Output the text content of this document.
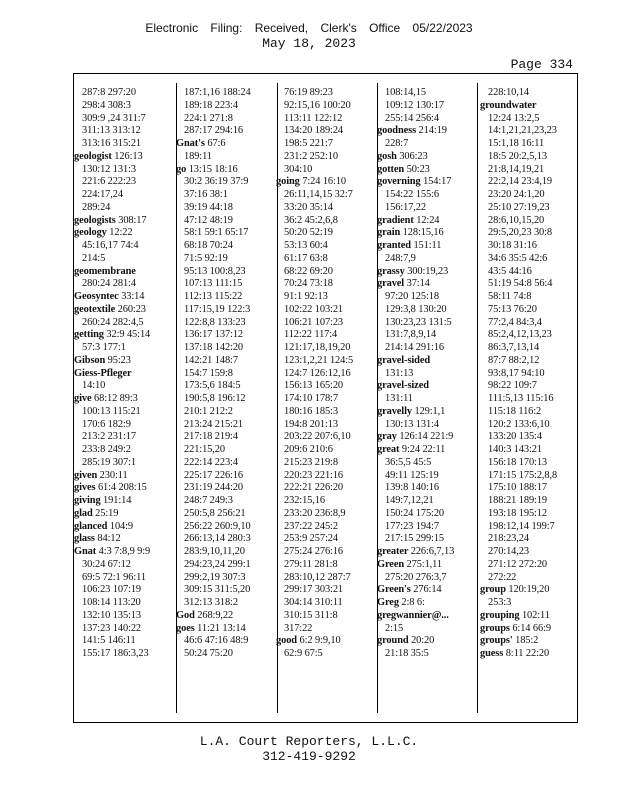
Electronic Filing: Received, Clerk's Office 05/22/2023
May 18, 2023
Page 334
287:8 297:20
298:4 308:3
309:9 ,24 311:7
311:13 313:12
313:16 315:21
geologist 126:13
130:12 131:3
221:6 222:23
224:17,24
289:24
geologists 308:17
geology 12:22
45:16,17 74:4
214:5
geomembrane
280:24 281:4
Geosyntec 33:14
geotextile 260:23
260:24 282:4,5
getting 32:9 45:14
57:3 177:1
Gibson 95:23
Giess-Pfleger
14:10
give 68:12 89:3
100:13 115:21
170:6 182:9
213:2 231:17
233:8 249:2
285:19 307:1
given 230:11
gives 61:4 208:15
giving 191:14
glad 25:19
glanced 104:9
glass 84:12
Gnat 4:3 7:8,9 9:9
30:24 67:12
69:5 72:1 96:11
106:23 107:19
108:14 113:20
132:10 135:13
137:23 140:22
141:5 146:11
155:17 186:3,23
187:1,16 188:24
189:18 223:4
224:1 271:8
287:17 294:16
Gnat's 67:6
189:11
go 13:15 18:16
30:2 36:19 37:9
37:16 38:1
39:19 44:18
47:12 48:19
58:1 59:1 65:17
68:18 70:24
71:5 92:19
95:13 100:8,23
107:13 111:15
112:13 115:22
117:15,19 122:3
122:8,8 133:23
136:17 137:12
137:18 142:20
142:21 148:7
154:7 159:8
173:5,6 184:5
190:5,8 196:12
210:1 212:2
213:24 215:21
217:18 219:4
221:15,20
222:14 223:4
225:17 226:16
231:19 244:20
248:7 249:3
250:5,8 256:21
256:22 260:9,10
266:13,14 280:3
283:9,10,11,20
294:23,24 299:1
299:2,19 307:3
309:15 311:5,20
312:13 318:2
God 268:9,22
goes 11:21 13:14
46:6 47:16 48:9
50:24 75:20
76:19 89:23
92:15,16 100:20
113:11 122:12
134:20 189:24
198:5 221:7
231:2 252:10
304:10
going 7:24 16:10
26:11,14,15 32:7
33:20 35:14
36:2 45:2,6,8
50:20 52:19
53:13 60:4
61:17 63:8
68:22 69:20
70:24 73:18
91:1 92:13
102:22 103:21
106:21 107:23
112:22 117:4
121:17,18,19,20
123:1,2,21 124:5
124:7 126:12,16
156:13 165:20
174:10 178:7
180:16 185:3
194:8 201:13
203:22 207:6,10
209:6 210:6
215:23 219:8
220:23 221:16
222:21 226:20
232:15,16
233:20 236:8,9
237:22 245:2
253:9 257:24
275:24 276:16
279:11 281:8
283:10,12 287:7
299:17 303:21
304:14 310:11
310:15 311:8
317:22
good 6:2 9:9,10
62:9 67:5
108:14,15
109:12 130:17
255:14 256:4
goodness 214:19
228:7
gosh 306:23
gotten 50:23
governing 154:17
154:22 155:6
156:17,22
gradient 12:24
grain 128:15,16
granted 151:11
248:7,9
grassy 300:19,23
gravel 37:14
97:20 125:18
129:3,8 130:20
130:23,23 131:5
131:7,8,9,14
214:14 291:16
gravel-sided
131:13
gravel-sized
131:11
gravelly 129:1,1
130:13 131:4
gray 126:14 221:9
great 9:24 22:11
36:5,5 45:5
49:11 125:19
139:8 140:16
149:7,12,21
150:24 175:20
177:23 194:7
217:15 299:15
greater 226:6,7,13
Green 275:1,11
275:20 276:3,7
Green's 276:14
Greg 2:8 6:
gregwannier@...
2:15
ground 20:20
21:18 35:5
228:10,14
groundwater
12:24 13:2,5
14:1,21,21,23,23
15:1,18 16:11
18:5 20:2,5,13
21:8,14,19,21
22:2,14 23:4,19
23:20 24:1,20
25:10 27:19,23
28:6,10,15,20
29:5,20,23 30:8
30:18 31:16
34:6 35:5 42:6
43:5 44:16
51:19 54:8 56:4
58:11 74:8
75:13 76:20
77:2,4 84:3,4
85:2,4,12,13,23
86:3,7,13,14
87:7 88:2,12
93:8,17 94:10
98:22 109:7
111:5,13 115:16
115:18 116:2
120:2 133:6,10
133:20 135:4
140:3 143:21
156:18 170:13
171:15 175:2,8,8
175:10 188:17
188:21 189:19
193:18 195:12
198:12,14 199:7
218:23,24
270:14,23
271:12 272:20
272:22
group 120:19,20
253:3
grouping 102:11
groups 6:14 66:9
groups' 185:2
guess 8:11 22:20
L.A. Court Reporters, L.L.C.
312-419-9292
